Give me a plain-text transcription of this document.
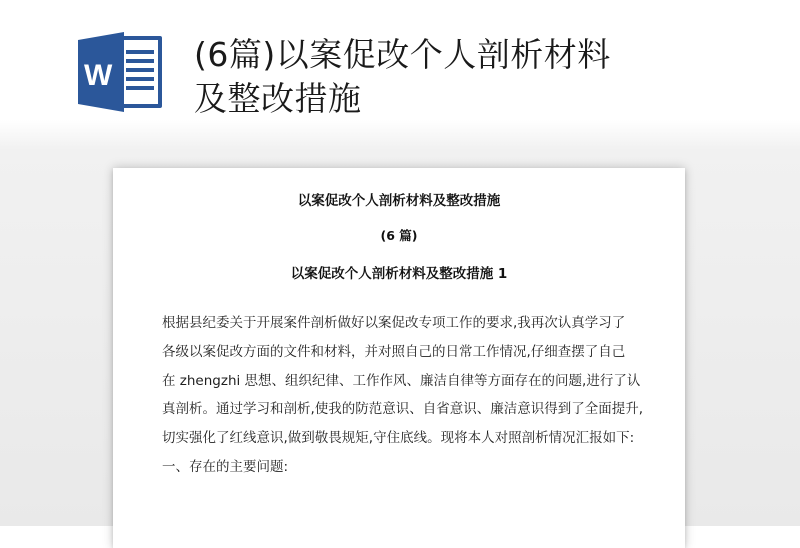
W
(6篇)以案促改个人剖析材料
及整改措施
以案促改个人剖析材料及整改措施
(6 篇)
以案促改个人剖析材料及整改措施 1
根据县纪委关于开展案件剖析做好以案促改专项工作的要求,我再次认真学习了
各级以案促改方面的文件和材料，并对照自己的日常工作情况,仔细查摆了自己
在 zhengzhi 思想、组织纪律、工作作风、廉洁自律等方面存在的问题,进行了认
真剖析。通过学习和剖析,使我的防范意识、自省意识、廉洁意识得到了全面提升,
切实强化了红线意识,做到敬畏规矩,守住底线。现将本人对照剖析情况汇报如下:
一、存在的主要问题:
